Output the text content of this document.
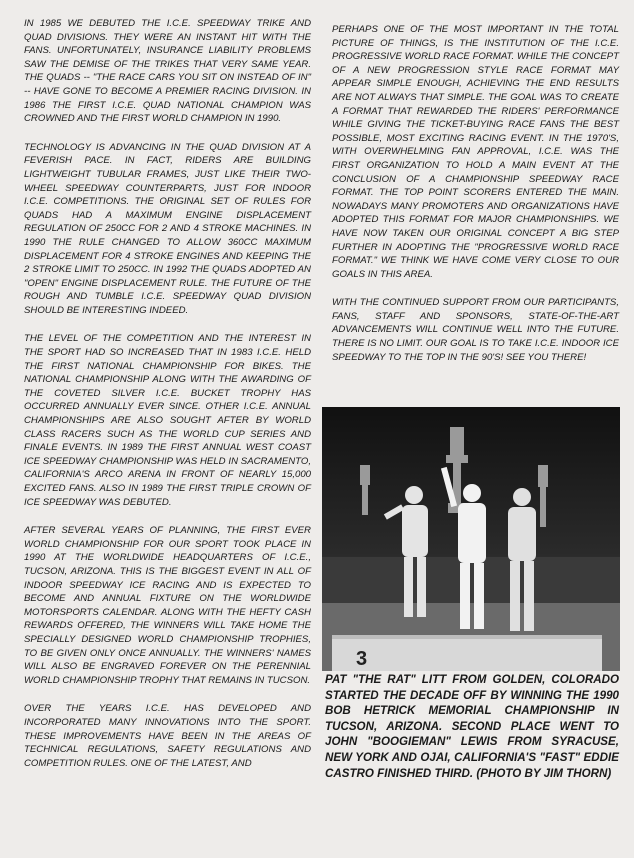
IN 1985 WE DEBUTED THE I.C.E. SPEEDWAY TRIKE AND QUAD DIVISIONS. THEY WERE AN INSTANT HIT WITH THE FANS. UNFORTUNATELY, INSURANCE LIABILITY PROBLEMS SAW THE DEMISE OF THE TRIKES THAT VERY SAME YEAR. THE QUADS -- "THE RACE CARS YOU SIT ON INSTEAD OF IN" -- HAVE GONE TO BECOME A PREMIER RACING DIVISION. IN 1986 THE FIRST I.C.E. QUAD NATIONAL CHAMPION WAS CROWNED AND THE FIRST WORLD CHAMPION IN 1990.

TECHNOLOGY IS ADVANCING IN THE QUAD DIVISION AT A FEVERISH PACE. IN FACT, RIDERS ARE BUILDING LIGHTWEIGHT TUBULAR FRAMES, JUST LIKE THEIR TWO-WHEEL SPEEDWAY COUNTERPARTS, JUST FOR INDOOR I.C.E. COMPETITIONS. THE ORIGINAL SET OF RULES FOR QUADS HAD A MAXIMUM ENGINE DISPLACEMENT REGULATION OF 250CC FOR 2 AND 4 STROKE MACHINES. IN 1990 THE RULE CHANGED TO ALLOW 360CC MAXIMUM DISPLACEMENT FOR 4 STROKE ENGINES AND KEEPING THE 2 STROKE LIMIT TO 250CC. IN 1992 THE QUADS ADOPTED AN "OPEN" ENGINE DISPLACEMENT RULE. THE FUTURE OF THE ROUGH AND TUMBLE I.C.E. SPEEDWAY QUAD DIVISION SHOULD BE INTERESTING INDEED.

THE LEVEL OF THE COMPETITION AND THE INTEREST IN THE SPORT HAD SO INCREASED THAT IN 1983 I.C.E. HELD THE FIRST NATIONAL CHAMPIONSHIP FOR BIKES. THE NATIONAL CHAMPIONSHIP ALONG WITH THE AWARDING OF THE COVETED SILVER I.C.E. BUCKET TROPHY HAS OCCURRED ANNUALLY EVER SINCE. OTHER I.C.E. ANNUAL CHAMPIONSHIPS ARE ALSO SOUGHT AFTER BY WORLD CLASS RACERS SUCH AS THE WORLD CUP SERIES AND FINALE EVENTS. IN 1989 THE FIRST ANNUAL WEST COAST ICE SPEEDWAY CHAMPIONSHIP WAS HELD IN SACRAMENTO, CALIFORNIA'S ARCO ARENA IN FRONT OF NEARLY 15,000 EXCITED FANS. ALSO IN 1989 THE FIRST TRIPLE CROWN OF ICE SPEEDWAY WAS DEBUTED.

AFTER SEVERAL YEARS OF PLANNING, THE FIRST EVER WORLD CHAMPIONSHIP FOR OUR SPORT TOOK PLACE IN 1990 AT THE WORLDWIDE HEADQUARTERS OF I.C.E., TUCSON, ARIZONA. THIS IS THE BIGGEST EVENT IN ALL OF INDOOR SPEEDWAY ICE RACING AND IS EXPECTED TO BECOME AND ANNUAL FIXTURE ON THE WORLDWIDE MOTORSPORTS CALENDAR. ALONG WITH THE HEFTY CASH REWARDS OFFERED, THE WINNERS WILL TAKE HOME THE SPECIALLY DESIGNED WORLD CHAMPIONSHIP TROPHIES, TO BE GIVEN ONLY ONCE ANNUALLY. THE WINNERS' NAMES WILL ALSO BE ENGRAVED FOREVER ON THE PERENNIAL WORLD CHAMPIONSHIP TROPHY THAT REMAINS IN TUCSON.

OVER THE YEARS I.C.E. HAS DEVELOPED AND INCORPORATED MANY INNOVATIONS INTO THE SPORT. THESE IMPROVEMENTS HAVE BEEN IN THE AREAS OF TECHNICAL REGULATIONS, SAFETY REGULATIONS AND COMPETITION RULES. ONE OF THE LATEST, AND

PERHAPS ONE OF THE MOST IMPORTANT IN THE TOTAL PICTURE OF THINGS, IS THE INSTITUTION OF THE I.C.E. PROGRESSIVE WORLD RACE FORMAT. WHILE THE CONCEPT OF A NEW PROGRESSION STYLE RACE FORMAT MAY APPEAR SIMPLE ENOUGH, ACHIEVING THE END RESULTS ARE NOT ALWAYS THAT SIMPLE. THE GOAL WAS TO CREATE A FORMAT THAT REWARDED THE RIDERS' PERFORMANCE WHILE GIVING THE TICKET-BUYING RACE FANS THE BEST POSSIBLE, MOST EXCITING RACING EVENT. IN THE 1970'S, WITH OVERWHELMING FAN APPROVAL, I.C.E. WAS THE FIRST ORGANIZATION TO HOLD A MAIN EVENT AT THE CONCLUSION OF A CHAMPIONSHIP SPEEDWAY RACE FORMAT. THE TOP POINT SCORERS ENTERED THE MAIN. NOWADAYS MANY PROMOTERS AND ORGANIZATIONS HAVE ADOPTED THIS FORMAT FOR MAJOR CHAMPIONSHIPS. WE HAVE NOW TAKEN OUR ORIGINAL CONCEPT A BIG STEP FURTHER IN ADOPTING THE "PROGRESSIVE WORLD RACE FORMAT." WE THINK WE HAVE COME VERY CLOSE TO OUR GOALS IN THIS AREA.

WITH THE CONTINUED SUPPORT FROM OUR PARTICIPANTS, FANS, STAFF AND SPONSORS, STATE-OF-THE-ART ADVANCEMENTS WILL CONTINUE WELL INTO THE FUTURE. THERE IS NO LIMIT. OUR GOAL IS TO TAKE I.C.E. INDOOR ICE SPEEDWAY TO THE TOP IN THE 90'S! SEE YOU THERE!

3
PAT "THE RAT" LITT FROM GOLDEN, COLORADO STARTED THE DECADE OFF BY WINNING THE 1990 BOB HETRICK MEMORIAL CHAMPIONSHIP IN TUCSON, ARIZONA. SECOND PLACE WENT TO JOHN "BOOGIEMAN" LEWIS FROM SYRACUSE, NEW YORK AND OJAI, CALIFORNIA'S "FAST" EDDIE CASTRO FINISHED THIRD. (PHOTO BY JIM THORN)
